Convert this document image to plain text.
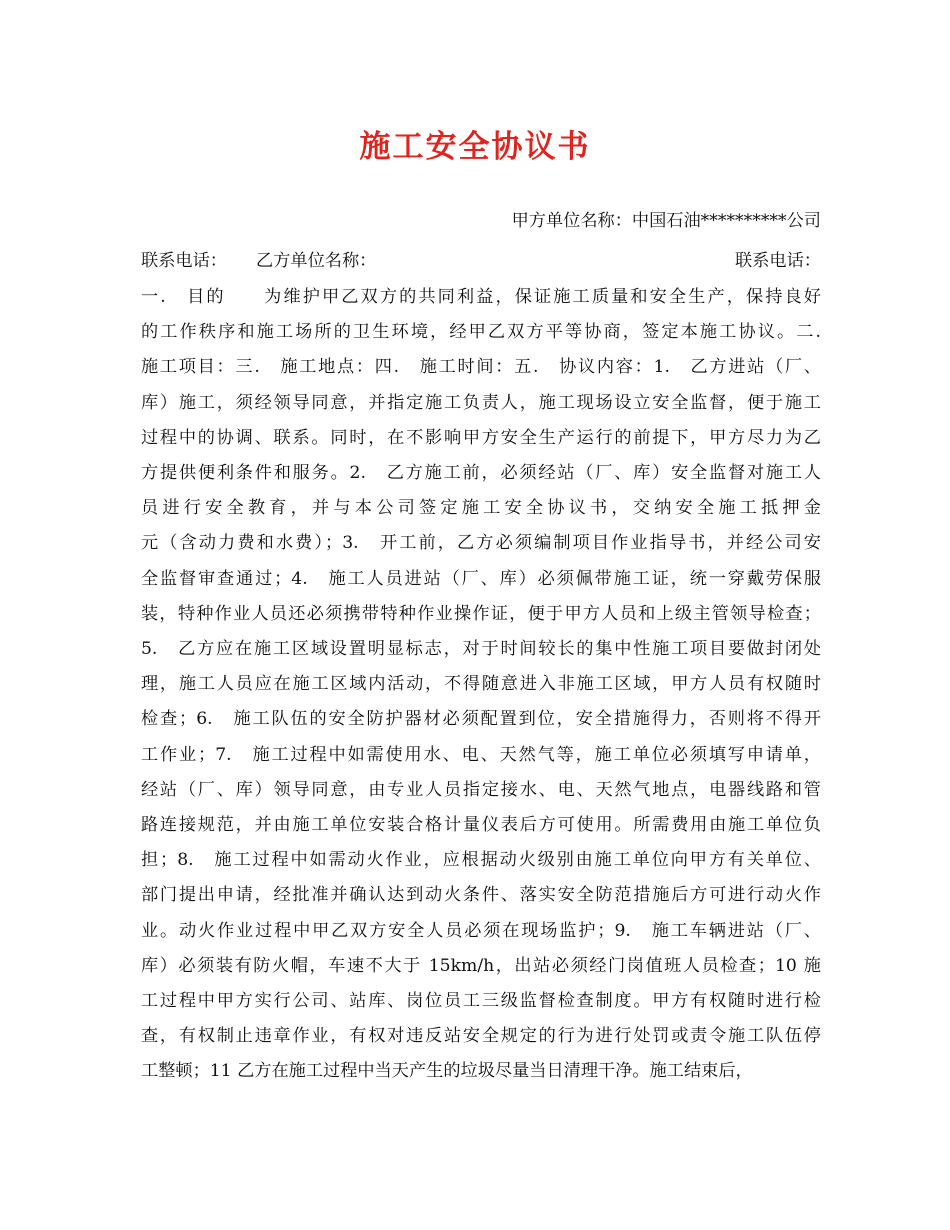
施工安全协议书
甲方单位名称：中国石油**********公司
联系电话： 乙方单位名称：	联系电话：
一.　目的　　为维护甲乙双方的共同利益，保证施工质量和安全生产，保持良好
的工作秩序和施工场所的卫生环境，经甲乙双方平等协商，签定本施工协议。二.
施工项目：三.　施工地点：四.　施工时间：五.　协议内容：1.　乙方进站（厂、
库）施工，须经领导同意，并指定施工负责人，施工现场设立安全监督，便于施工
过程中的协调、联系。同时，在不影响甲方安全生产运行的前提下，甲方尽力为乙
方提供便利条件和服务。2.　乙方施工前，必须经站（厂、库）安全监督对施工人
员进行安全教育，并与本公司签定施工安全协议书，交纳安全施工抵押金
元（含动力费和水费）；3.　开工前，乙方必须编制项目作业指导书，并经公司安
全监督审查通过；4.　施工人员进站（厂、库）必须佩带施工证，统一穿戴劳保服
装，特种作业人员还必须携带特种作业操作证，便于甲方人员和上级主管领导检查；
5.　乙方应在施工区域设置明显标志，对于时间较长的集中性施工项目要做封闭处
理，施工人员应在施工区域内活动，不得随意进入非施工区域，甲方人员有权随时
检查；6.　施工队伍的安全防护器材必须配置到位，安全措施得力，否则将不得开
工作业；7.　施工过程中如需使用水、电、天然气等，施工单位必须填写申请单，
经站（厂、库）领导同意，由专业人员指定接水、电、天然气地点，电器线路和管
路连接规范，并由施工单位安装合格计量仪表后方可使用。所需费用由施工单位负
担；8.　施工过程中如需动火作业，应根据动火级别由施工单位向甲方有关单位、
部门提出申请，经批准并确认达到动火条件、落实安全防范措施后方可进行动火作
业。动火作业过程中甲乙双方安全人员必须在现场监护；9.　施工车辆进站（厂、
库）必须装有防火帽，车速不大于 15km/h，出站必须经门岗值班人员检查；10 施
工过程中甲方实行公司、站库、岗位员工三级监督检查制度。甲方有权随时进行检
查，有权制止违章作业，有权对违反站安全规定的行为进行处罚或责令施工队伍停
工整顿；11 乙方在施工过程中当天产生的垃圾尽量当日清理干净。施工结束后，
